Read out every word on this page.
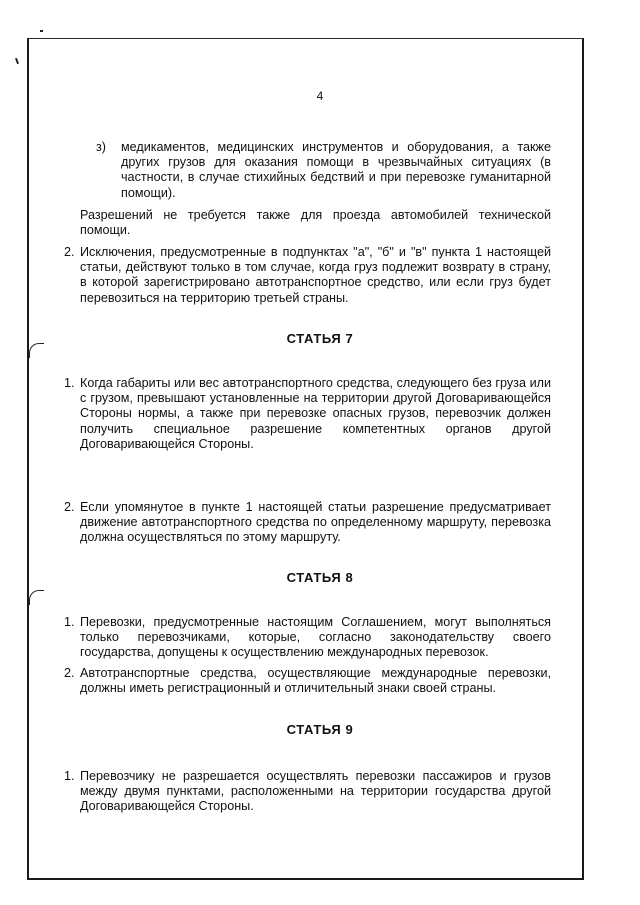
4
з) медикаментов, медицинских инструментов и оборудования, а также других грузов для оказания помощи в чрезвычайных ситуациях (в частности, в случае стихийных бедствий и при перевозке гуманитарной помощи).

Разрешений не требуется также для проезда автомобилей технической помощи.

2. Исключения, предусмотренные в подпунктах "а", "б" и "в" пункта 1 настоящей статьи, действуют только в том случае, когда груз подлежит возврату в страну, в которой зарегистрировано автотранспортное средство, или если груз будет перевозиться на территорию третьей страны.

СТАТЬЯ 7
1. Когда габариты или вес автотранспортного средства, следующего без груза или с грузом, превышают установленные на территории другой Договаривающейся Стороны нормы, а также при перевозке опасных грузов, перевозчик должен получить специальное разрешение компетентных органов другой Договаривающейся Стороны.

2. Если упомянутое в пункте 1 настоящей статьи разрешение предусматривает движение автотранспортного средства по определенному маршруту, перевозка должна осуществляться по этому маршруту.

СТАТЬЯ 8
1. Перевозки, предусмотренные настоящим Соглашением, могут выполняться только перевозчиками, которые, согласно законодательству своего государства, допущены к осуществлению международных перевозок.

2. Автотранспортные средства, осуществляющие международные перевозки, должны иметь регистрационный и отличительный знаки своей страны.

СТАТЬЯ 9
1. Перевозчику не разрешается осуществлять перевозки пассажиров и грузов между двумя пунктами, расположенными на территории государства другой Договаривающейся Стороны.
